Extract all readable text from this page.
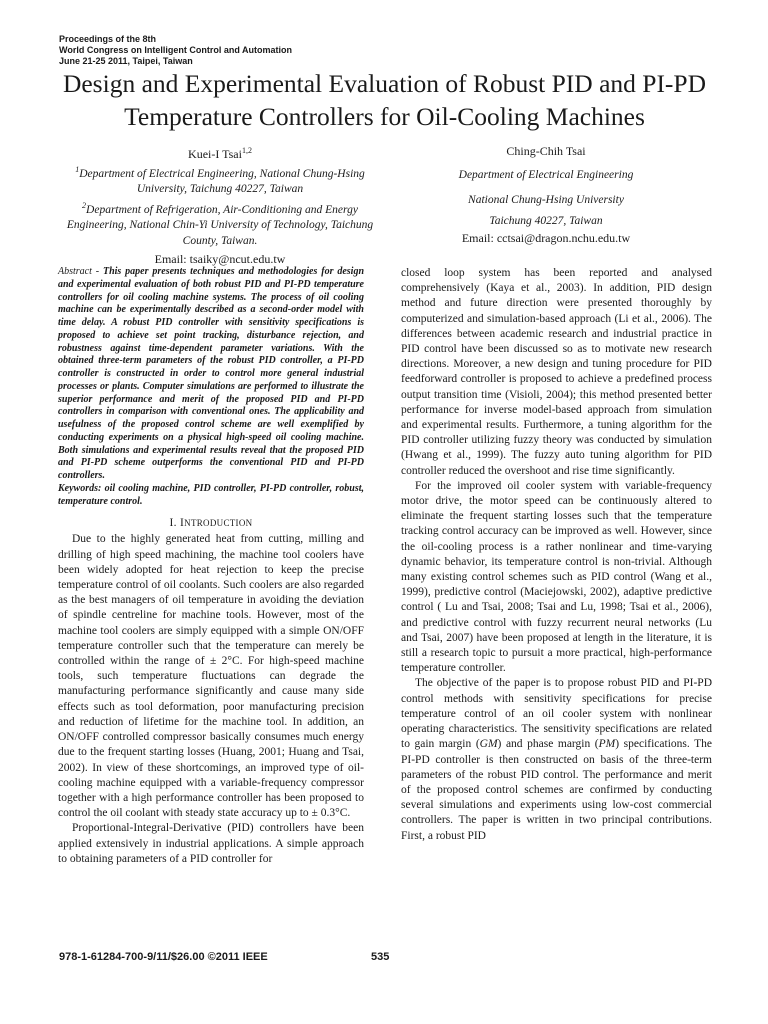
Proceedings of the 8th
World Congress on Intelligent Control and Automation
June 21-25 2011, Taipei, Taiwan
Design and Experimental Evaluation of Robust PID and PI-PD Temperature Controllers for Oil-Cooling Machines
Kuei-I Tsai$^{1,2}$
$^1$Department of Electrical Engineering, National Chung-Hsing University, Taichung 40227, Taiwan
$^2$Department of Refrigeration, Air-Conditioning and Energy Engineering, National Chin-Yi University of Technology, Taichung County, Taiwan.
Email: tsaiky@ncut.edu.tw
Ching-Chih Tsai
Department of Electrical Engineering
National Chung-Hsing University
Taichung 40227, Taiwan
Email: cctsai@dragon.nchu.edu.tw

Abstract - This paper presents techniques and methodologies for design and experimental evaluation of both robust PID and PI-PD temperature controllers for oil cooling machine systems. The process of oil cooling machine can be experimentally described as a second-order model with time delay. A robust PID controller with sensitivity specifications is proposed to achieve set point tracking, disturbance rejection, and robustness against time-dependent parameter variations. With the obtained three-term parameters of the robust PID controller, a PI-PD controller is constructed in order to control more general industrial processes or plants. Computer simulations are performed to illustrate the superior performance and merit of the proposed PID and PI-PD controllers in comparison with conventional ones. The applicability and usefulness of the proposed control scheme are well exemplified by conducting experiments on a physical high-speed oil cooling machine. Both simulations and experimental results reveal that the proposed PID and PI-PD scheme outperforms the conventional PID and PI-PD controllers.

Keywords: oil cooling machine, PID controller, PI-PD controller, robust, temperature control.

I. INTRODUCTION

Due to the highly generated heat from cutting, milling and drilling of high speed machining, the machine tool coolers have been widely adopted for heat rejection to keep the precise temperature control of oil coolants. Such coolers are also regarded as the best managers of oil temperature in avoiding the deviation of spindle centreline for machine tools. However, most of the machine tool coolers are simply equipped with a simple ON/OFF temperature controller such that the temperature can merely be controlled within the range of ± 2°C. For high-speed machine tools, such temperature fluctuations can degrade the manufacturing performance significantly and cause many side effects such as tool deformation, poor manufacturing precision and reduction of lifetime for the machine tool. In addition, an ON/OFF controlled compressor basically consumes much energy due to the frequent starting losses (Huang, 2001; Huang and Tsai, 2002). In view of these shortcomings, an improved type of oil-cooling machine equipped with a variable-frequency compressor together with a high performance controller has been proposed to control the oil coolant with steady state accuracy up to ± 0.3°C.

Proportional-Integral-Derivative (PID) controllers have been applied extensively in industrial applications. A simple approach to obtaining parameters of a PID controller for

closed loop system has been reported and analysed comprehensively (Kaya et al., 2003). In addition, PID design method and future direction were presented thoroughly by computerized and simulation-based approach (Li et al., 2006). The differences between academic research and industrial practice in PID control have been discussed so as to motivate new research directions. Moreover, a new design and tuning procedure for PID feedforward controller is proposed to achieve a predefined process output transition time (Visioli, 2004); this method presented better performance for inverse model-based approach from simulation and experimental results. Furthermore, a tuning algorithm for the PID controller utilizing fuzzy theory was conducted by simulation (Hwang et al., 1999). The fuzzy auto tuning algorithm for PID controller reduced the overshoot and rise time significantly.

For the improved oil cooler system with variable-frequency motor drive, the motor speed can be continuously altered to eliminate the frequent starting losses such that the temperature tracking control accuracy can be improved as well. However, since the oil-cooling process is a rather nonlinear and time-varying dynamic behavior, its temperature control is non-trivial. Although many existing control schemes such as PID control (Wang et al., 1999), predictive control (Maciejowski, 2002), adaptive predictive control ( Lu and Tsai, 2008; Tsai and Lu, 1998; Tsai et al., 2006), and predictive control with fuzzy recurrent neural networks (Lu and Tsai, 2007) have been proposed at length in the literature, it is still a research topic to pursuit a more practical, high-performance temperature controller.

The objective of the paper is to propose robust PID and PI-PD control methods with sensitivity specifications for precise temperature control of an oil cooler system with nonlinear operating characteristics. The sensitivity specifications are related to gain margin (GM) and phase margin (PM) specifications. The PI-PD controller is then constructed on basis of the three-term parameters of the robust PID control. The performance and merit of the proposed control schemes are confirmed by conducting several simulations and experiments using low-cost commercial controllers. The paper is written in two principal contributions. First, a robust PID

978-1-61284-700-9/11/$26.00 ©2011 IEEE	535
